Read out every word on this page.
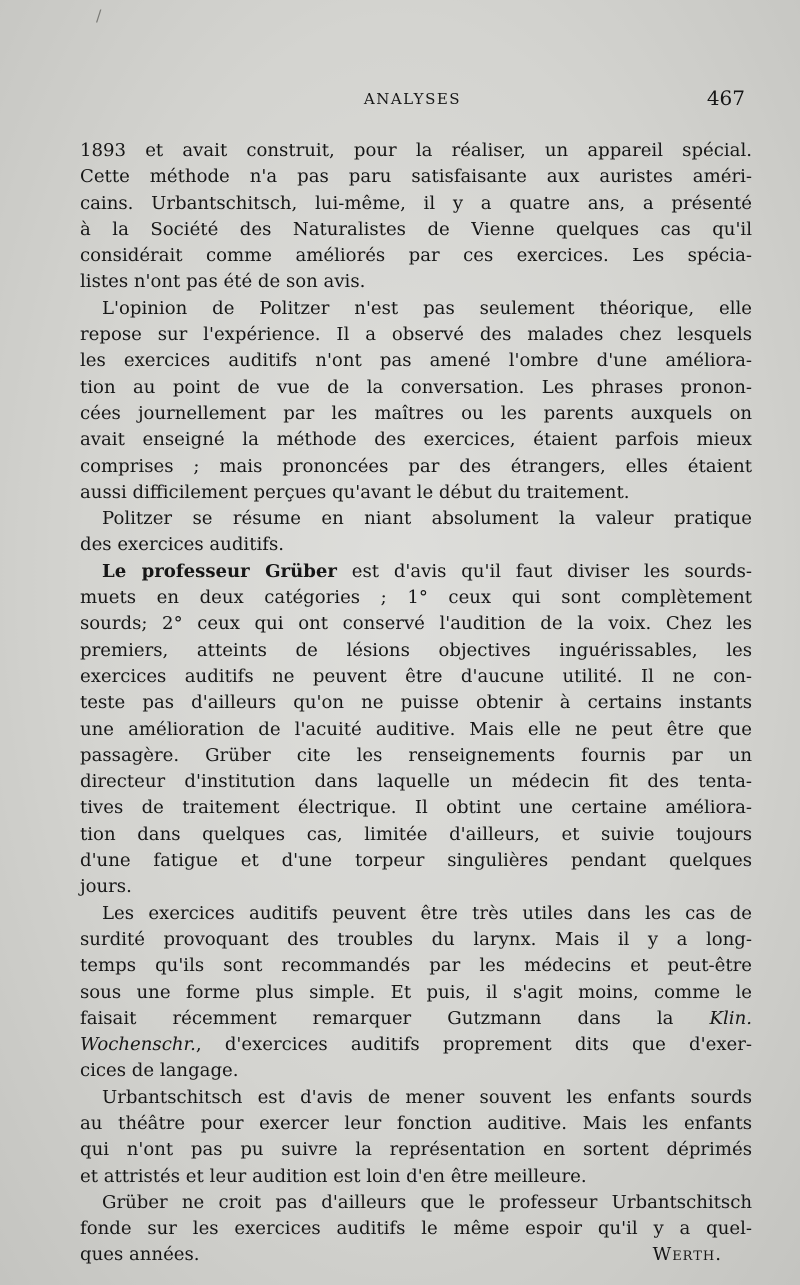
/
ANALYSES	467

1893 et avait construit, pour la réaliser, un appareil spécial.
Cette méthode n'a pas paru satisfaisante aux auristes améri-
cains. Urbantschitsch, lui-même, il y a quatre ans, a présenté
à la Société des Naturalistes de Vienne quelques cas qu'il
considérait comme améliorés par ces exercices. Les spécia-
listes n'ont pas été de son avis.

L'opinion de Politzer n'est pas seulement théorique, elle
repose sur l'expérience. Il a observé des malades chez lesquels
les exercices auditifs n'ont pas amené l'ombre d'une améliora-
tion au point de vue de la conversation. Les phrases pronon-
cées journellement par les maîtres ou les parents auxquels on
avait enseigné la méthode des exercices, étaient parfois mieux
comprises ; mais prononcées par des étrangers, elles étaient
aussi difficilement perçues qu'avant le début du traitement.

Politzer se résume en niant absolument la valeur pratique
des exercices auditifs.

Le professeur Grüber est d'avis qu'il faut diviser les sourds-
muets en deux catégories ; 1° ceux qui sont complètement
sourds; 2° ceux qui ont conservé l'audition de la voix. Chez les
premiers, atteints de lésions objectives inguérissables, les
exercices auditifs ne peuvent être d'aucune utilité. Il ne con-
teste pas d'ailleurs qu'on ne puisse obtenir à certains instants
une amélioration de l'acuité auditive. Mais elle ne peut être que
passagère. Grüber cite les renseignements fournis par un
directeur d'institution dans laquelle un médecin fit des tenta-
tives de traitement électrique. Il obtint une certaine améliora-
tion dans quelques cas, limitée d'ailleurs, et suivie toujours
d'une fatigue et d'une torpeur singulières pendant quelques
jours.

Les exercices auditifs peuvent être très utiles dans les cas de
surdité provoquant des troubles du larynx. Mais il y a long-
temps qu'ils sont recommandés par les médecins et peut-être
sous une forme plus simple. Et puis, il s'agit moins, comme le
faisait récemment remarquer Gutzmann dans la Klin.
Wochenschr., d'exercices auditifs proprement dits que d'exer-
cices de langage.

Urbantschitsch est d'avis de mener souvent les enfants sourds
au théâtre pour exercer leur fonction auditive. Mais les enfants
qui n'ont pas pu suivre la représentation en sortent déprimés
et attristés et leur audition est loin d'en être meilleure.

Grüber ne croit pas d'ailleurs que le professeur Urbantschitsch
fonde sur les exercices auditifs le même espoir qu'il y a quel-
ques années.	Werth.
